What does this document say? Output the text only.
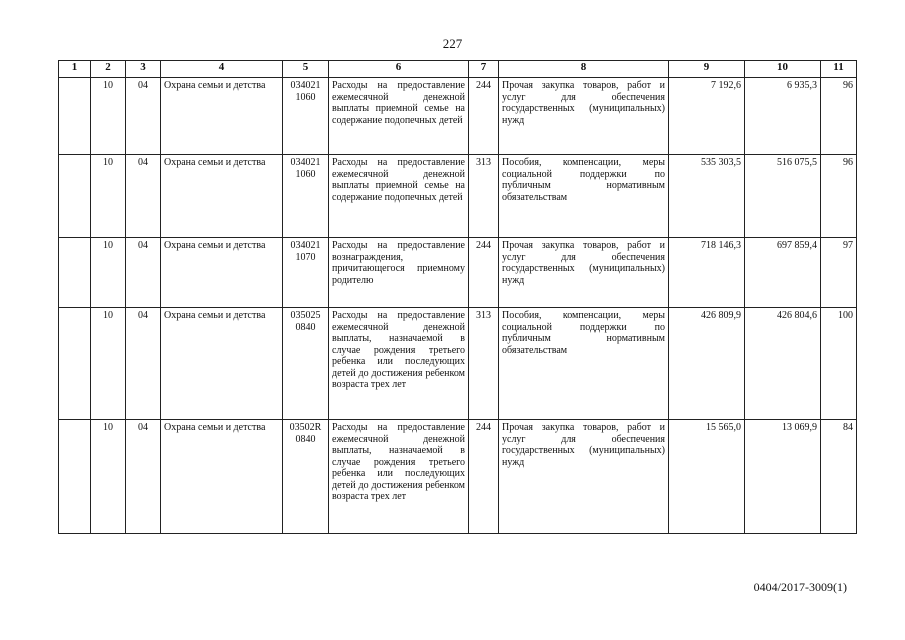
227
1	2	3	4	5	6	7	8	9	10	11
	10	04	Охрана семьи и детства	034021 1060	Расходы на предоставление ежемесячной денежной выплаты приемной семье на содержание подопечных детей	244	Прочая закупка товаров, работ и услуг для обеспечения государственных (муниципальных) нужд	7 192,6	6 935,3	96
	10	04	Охрана семьи и детства	034021 1060	Расходы на предоставление ежемесячной денежной выплаты приемной семье на содержание подопечных детей	313	Пособия, компенсации, меры социальной поддержки по публичным нормативным обязательствам	535 303,5	516 075,5	96
	10	04	Охрана семьи и детства	034021 1070	Расходы на предоставление вознаграждения, причитающегося приемному родителю	244	Прочая закупка товаров, работ и услуг для обеспечения государственных (муниципальных) нужд	718 146,3	697 859,4	97
	10	04	Охрана семьи и детства	035025 0840	Расходы на предоставление ежемесячной денежной выплаты, назначаемой в случае рождения третьего ребенка или последующих детей до достижения ребенком возраста трех лет	313	Пособия, компенсации, меры социальной поддержки по публичным нормативным обязательствам	426 809,9	426 804,6	100
	10	04	Охрана семьи и детства	03502R 0840	Расходы на предоставление ежемесячной денежной выплаты, назначаемой в случае рождения третьего ребенка или последующих детей до достижения ребенком возраста трех лет	244	Прочая закупка товаров, работ и услуг для обеспечения государственных (муниципальных) нужд	15 565,0	13 069,9	84
0404/2017-3009(1)
